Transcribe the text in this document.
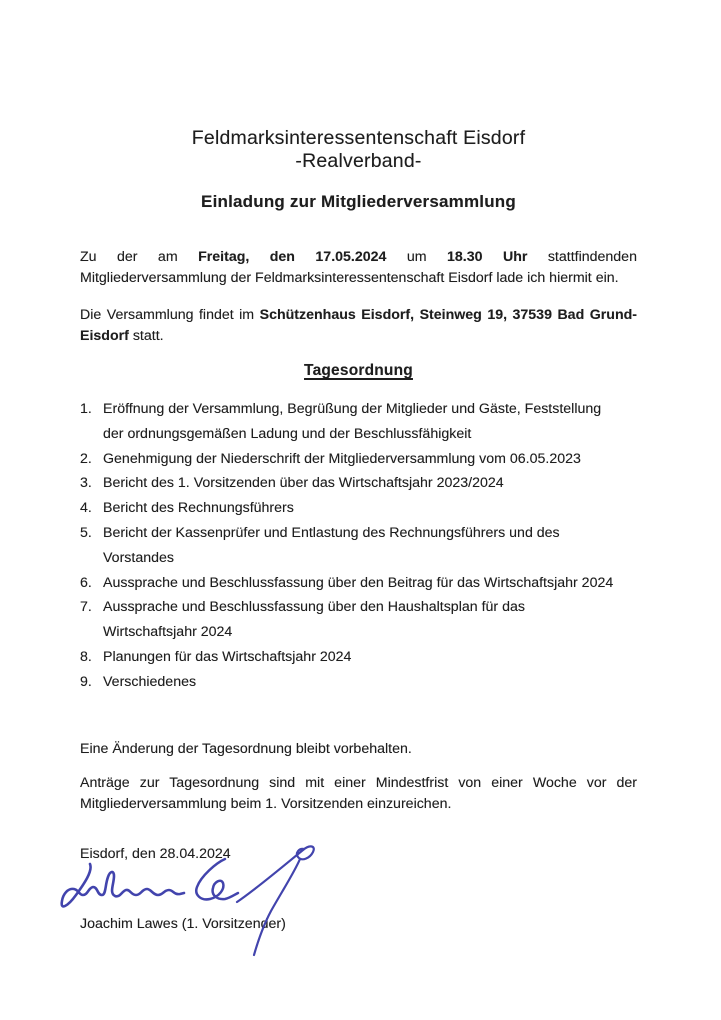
Feldmarksinteressentenschaft Eisdorf
-Realverband-
Einladung zur Mitgliederversammlung
Zu der am Freitag, den 17.05.2024 um 18.30 Uhr stattfindenden
Mitgliederversammlung der Feldmarksinteressentenschaft Eisdorf lade ich hiermit ein.
Die Versammlung findet im Schützenhaus Eisdorf, Steinweg 19, 37539 Bad Grund-
Eisdorf statt.
Tagesordnung
1. Eröffnung der Versammlung, Begrüßung der Mitglieder und Gäste, Feststellung
der ordnungsgemäßen Ladung und der Beschlussfähigkeit
2. Genehmigung der Niederschrift der Mitgliederversammlung vom 06.05.2023
3. Bericht des 1. Vorsitzenden über das Wirtschaftsjahr 2023/2024
4. Bericht des Rechnungsführers
5. Bericht der Kassenprüfer und Entlastung des Rechnungsführers und des
Vorstandes
6. Aussprache und Beschlussfassung über den Beitrag für das Wirtschaftsjahr 2024
7. Aussprache und Beschlussfassung über den Haushaltsplan für das
Wirtschaftsjahr 2024
8. Planungen für das Wirtschaftsjahr 2024
9. Verschiedenes
Eine Änderung der Tagesordnung bleibt vorbehalten.
Anträge zur Tagesordnung sind mit einer Mindestfrist von einer Woche vor der
Mitgliederversammlung beim 1. Vorsitzenden einzureichen.
Eisdorf, den 28.04.2024
Joachim Lawes (1. Vorsitzender)
